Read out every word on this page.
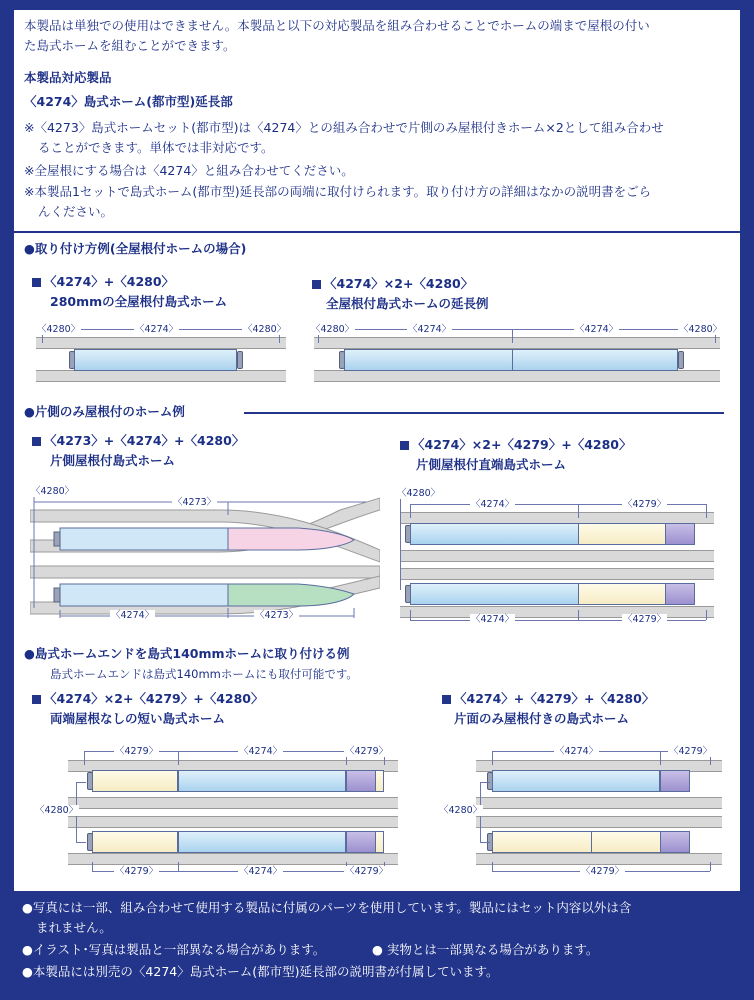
本製品は単独での使用はできません。本製品と以下の対応製品を組み合わせることでホームの端まで屋根の付い
た島式ホームを組むことができます。
本製品対応製品
〈4274〉島式ホーム(都市型)延長部
※〈4273〉島式ホームセット(都市型)は〈4274〉との組み合わせで片側のみ屋根付きホーム×2として組み合わせ
ることができます。単体では非対応です。
※全屋根にする場合は〈4274〉と組み合わせてください。
※本製品1セットで島式ホーム(都市型)延長部の両端に取付けられます。取り付け方の詳細はなかの説明書をごら
んください。
●取り付け方例(全屋根付ホームの場合)
〈4274〉+〈4280〉
280mmの全屋根付島式ホーム
〈4274〉×2+〈4280〉
全屋根付島式ホームの延長例
〈4280〉	〈4274〉	〈4280〉	〈4280〉	〈4274〉	〈4274〉	〈4280〉
●片側のみ屋根付のホーム例
〈4273〉+〈4274〉+〈4280〉
片側屋根付島式ホーム
〈4274〉×2+〈4279〉+〈4280〉
片側屋根付直端島式ホーム
〈4280〉
〈4273〉
〈4274〉	〈4273〉
〈4280〉
〈4274〉	〈4279〉
〈4274〉	〈4279〉
●島式ホームエンドを島式140mmホームに取り付ける例
島式ホームエンドは島式140mmホームにも取付可能です。
〈4274〉×2+〈4279〉+〈4280〉
両端屋根なしの短い島式ホーム
〈4274〉+〈4279〉+〈4280〉
片面のみ屋根付きの島式ホーム
〈4279〉	〈4274〉	〈4279〉
〈4280〉
〈4279〉	〈4274〉	〈4279〉
〈4274〉	〈4279〉
〈4280〉
〈4279〉
●写真には一部、組み合わせて使用する製品に付属のパーツを使用しています。製品にはセット内容以外は含
まれません。
●イラスト･写真は製品と一部異なる場合があります。	● 実物とは一部異なる場合があります。
●本製品には別売の〈4274〉島式ホーム(都市型)延長部の説明書が付属しています。
